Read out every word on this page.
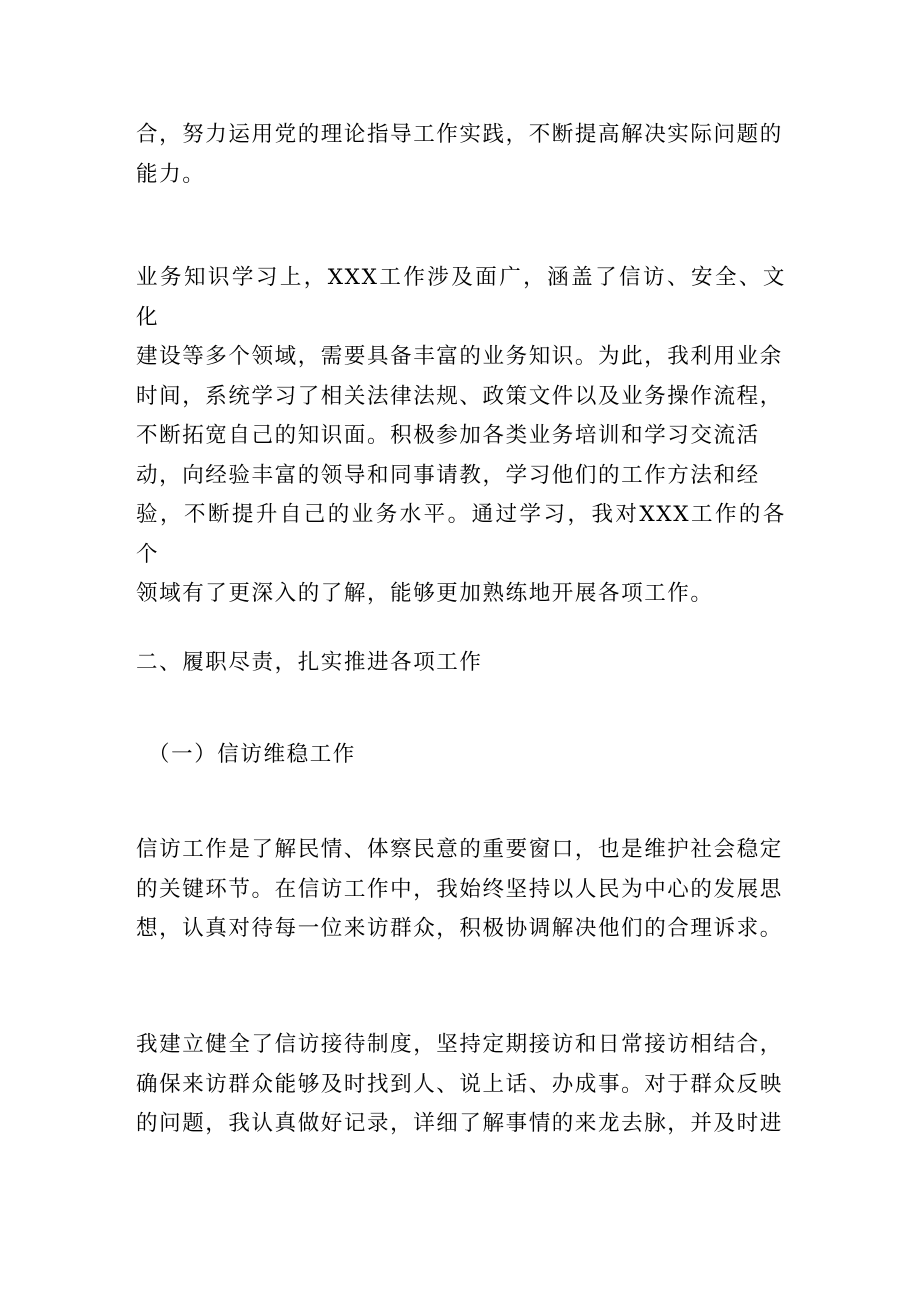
合，努力运用党的理论指导工作实践，不断提高解决实际问题的
能力。

业务知识学习上，XXX工作涉及面广，涵盖了信访、安全、文化
建设等多个领域，需要具备丰富的业务知识。为此，我利用业余
时间，系统学习了相关法律法规、政策文件以及业务操作流程，
不断拓宽自己的知识面。积极参加各类业务培训和学习交流活
动，向经验丰富的领导和同事请教，学习他们的工作方法和经
验，不断提升自己的业务水平。通过学习，我对XXX工作的各个
领域有了更深入的了解，能够更加熟练地开展各项工作。

二、履职尽责，扎实推进各项工作
（一）信访维稳工作

信访工作是了解民情、体察民意的重要窗口，也是维护社会稳定
的关键环节。在信访工作中，我始终坚持以人民为中心的发展思
想，认真对待每一位来访群众，积极协调解决他们的合理诉求。

我建立健全了信访接待制度，坚持定期接访和日常接访相结合，
确保来访群众能够及时找到人、说上话、办成事。对于群众反映
的问题，我认真做好记录，详细了解事情的来龙去脉，并及时进
